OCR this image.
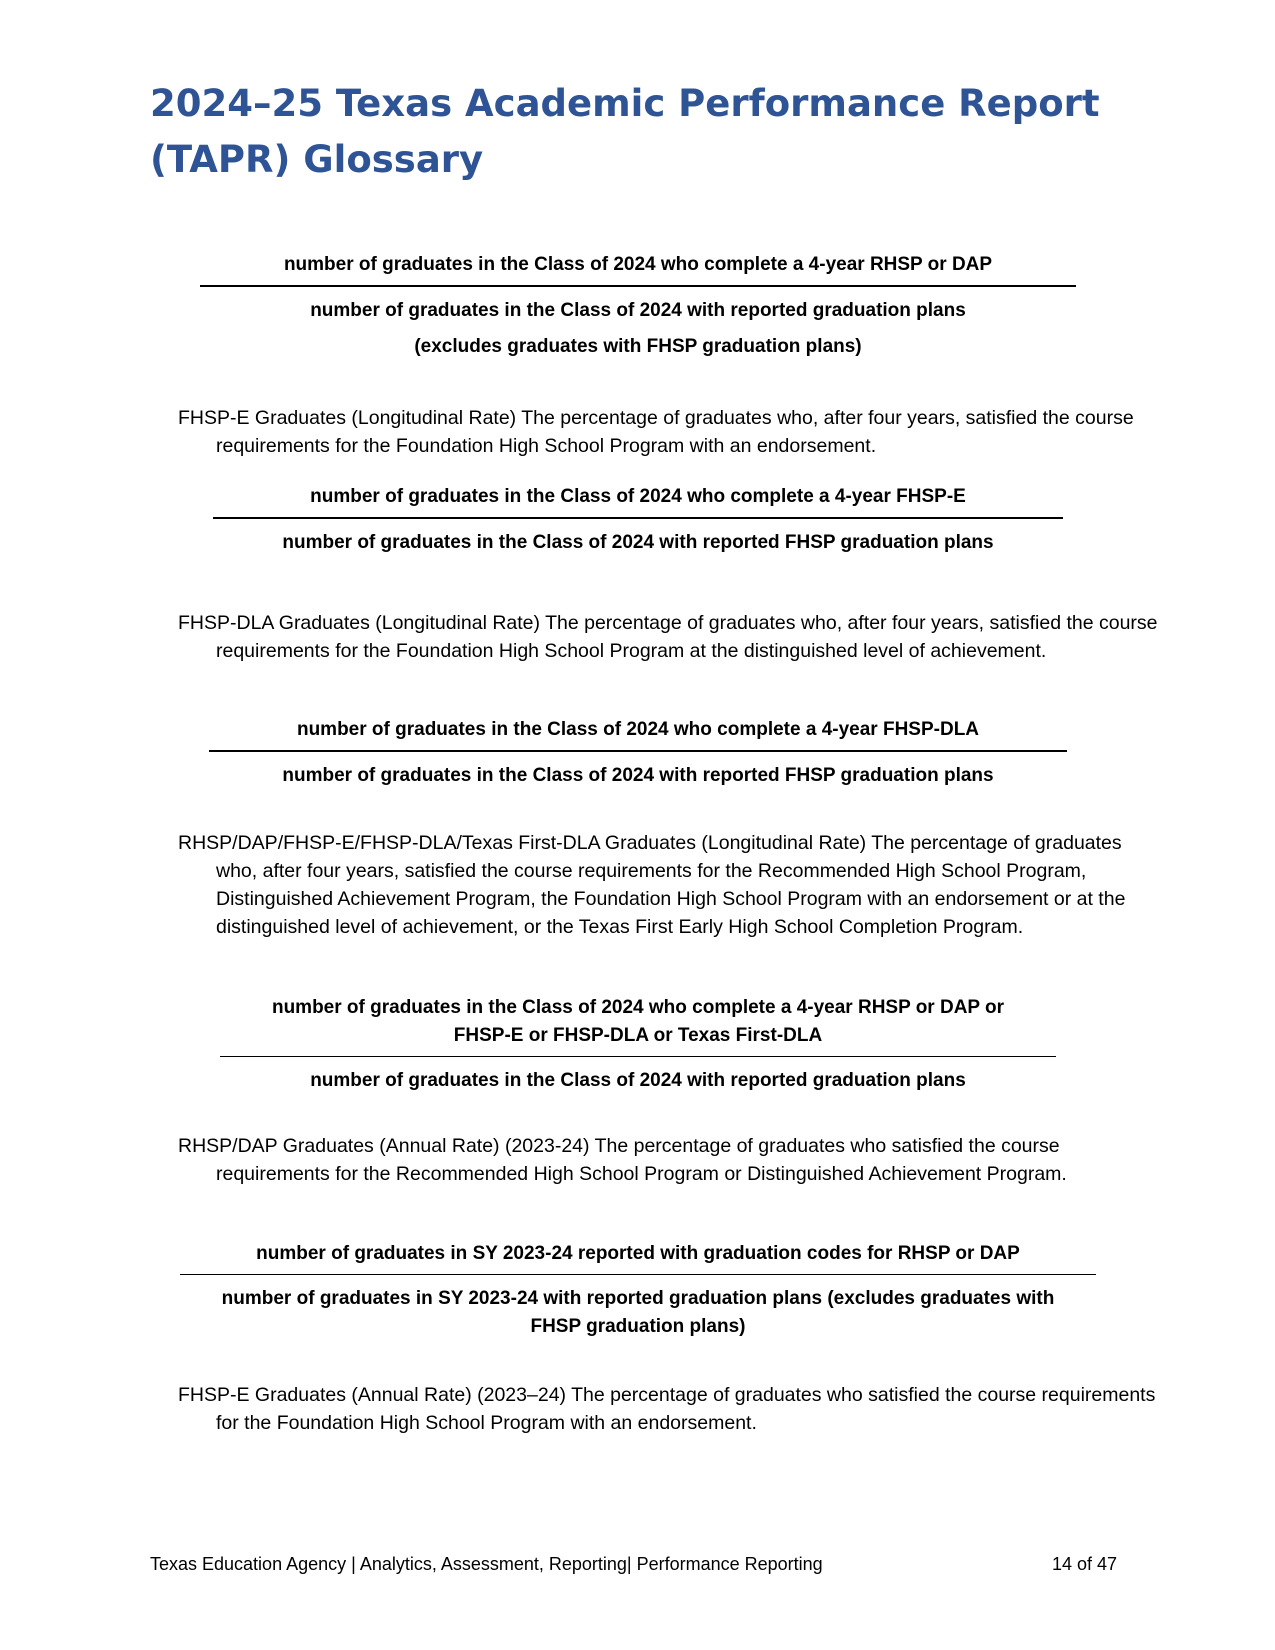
2024–25 Texas Academic Performance Report
(TAPR) Glossary
number of graduates in the Class of 2024 who complete a 4-year RHSP or DAP
number of graduates in the Class of 2024 with reported graduation plans
(excludes graduates with FHSP graduation plans)

FHSP-E Graduates (Longitudinal Rate) The percentage of graduates who, after four years, satisfied the course requirements for the Foundation High School Program with an endorsement.

number of graduates in the Class of 2024 who complete a 4-year FHSP-E
number of graduates in the Class of 2024 with reported FHSP graduation plans

FHSP-DLA Graduates (Longitudinal Rate) The percentage of graduates who, after four years, satisfied the course requirements for the Foundation High School Program at the distinguished level of achievement.

number of graduates in the Class of 2024 who complete a 4-year FHSP-DLA
number of graduates in the Class of 2024 with reported FHSP graduation plans

RHSP/DAP/FHSP-E/FHSP-DLA/Texas First-DLA Graduates (Longitudinal Rate) The percentage of graduates who, after four years, satisfied the course requirements for the Recommended High School Program, Distinguished Achievement Program, the Foundation High School Program with an endorsement or at the distinguished level of achievement, or the Texas First Early High School Completion Program.

number of graduates in the Class of 2024 who complete a 4-year RHSP or DAP or
FHSP-E or FHSP-DLA or Texas First-DLA
number of graduates in the Class of 2024 with reported graduation plans

RHSP/DAP Graduates (Annual Rate) (2023-24) The percentage of graduates who satisfied the course requirements for the Recommended High School Program or Distinguished Achievement Program.

number of graduates in SY 2023-24 reported with graduation codes for RHSP or DAP
number of graduates in SY 2023-24 with reported graduation plans (excludes graduates with
FHSP graduation plans)

FHSP-E Graduates (Annual Rate) (2023–24) The percentage of graduates who satisfied the course requirements for the Foundation High School Program with an endorsement.

Texas Education Agency | Analytics, Assessment, Reporting| Performance Reporting	14 of 47
